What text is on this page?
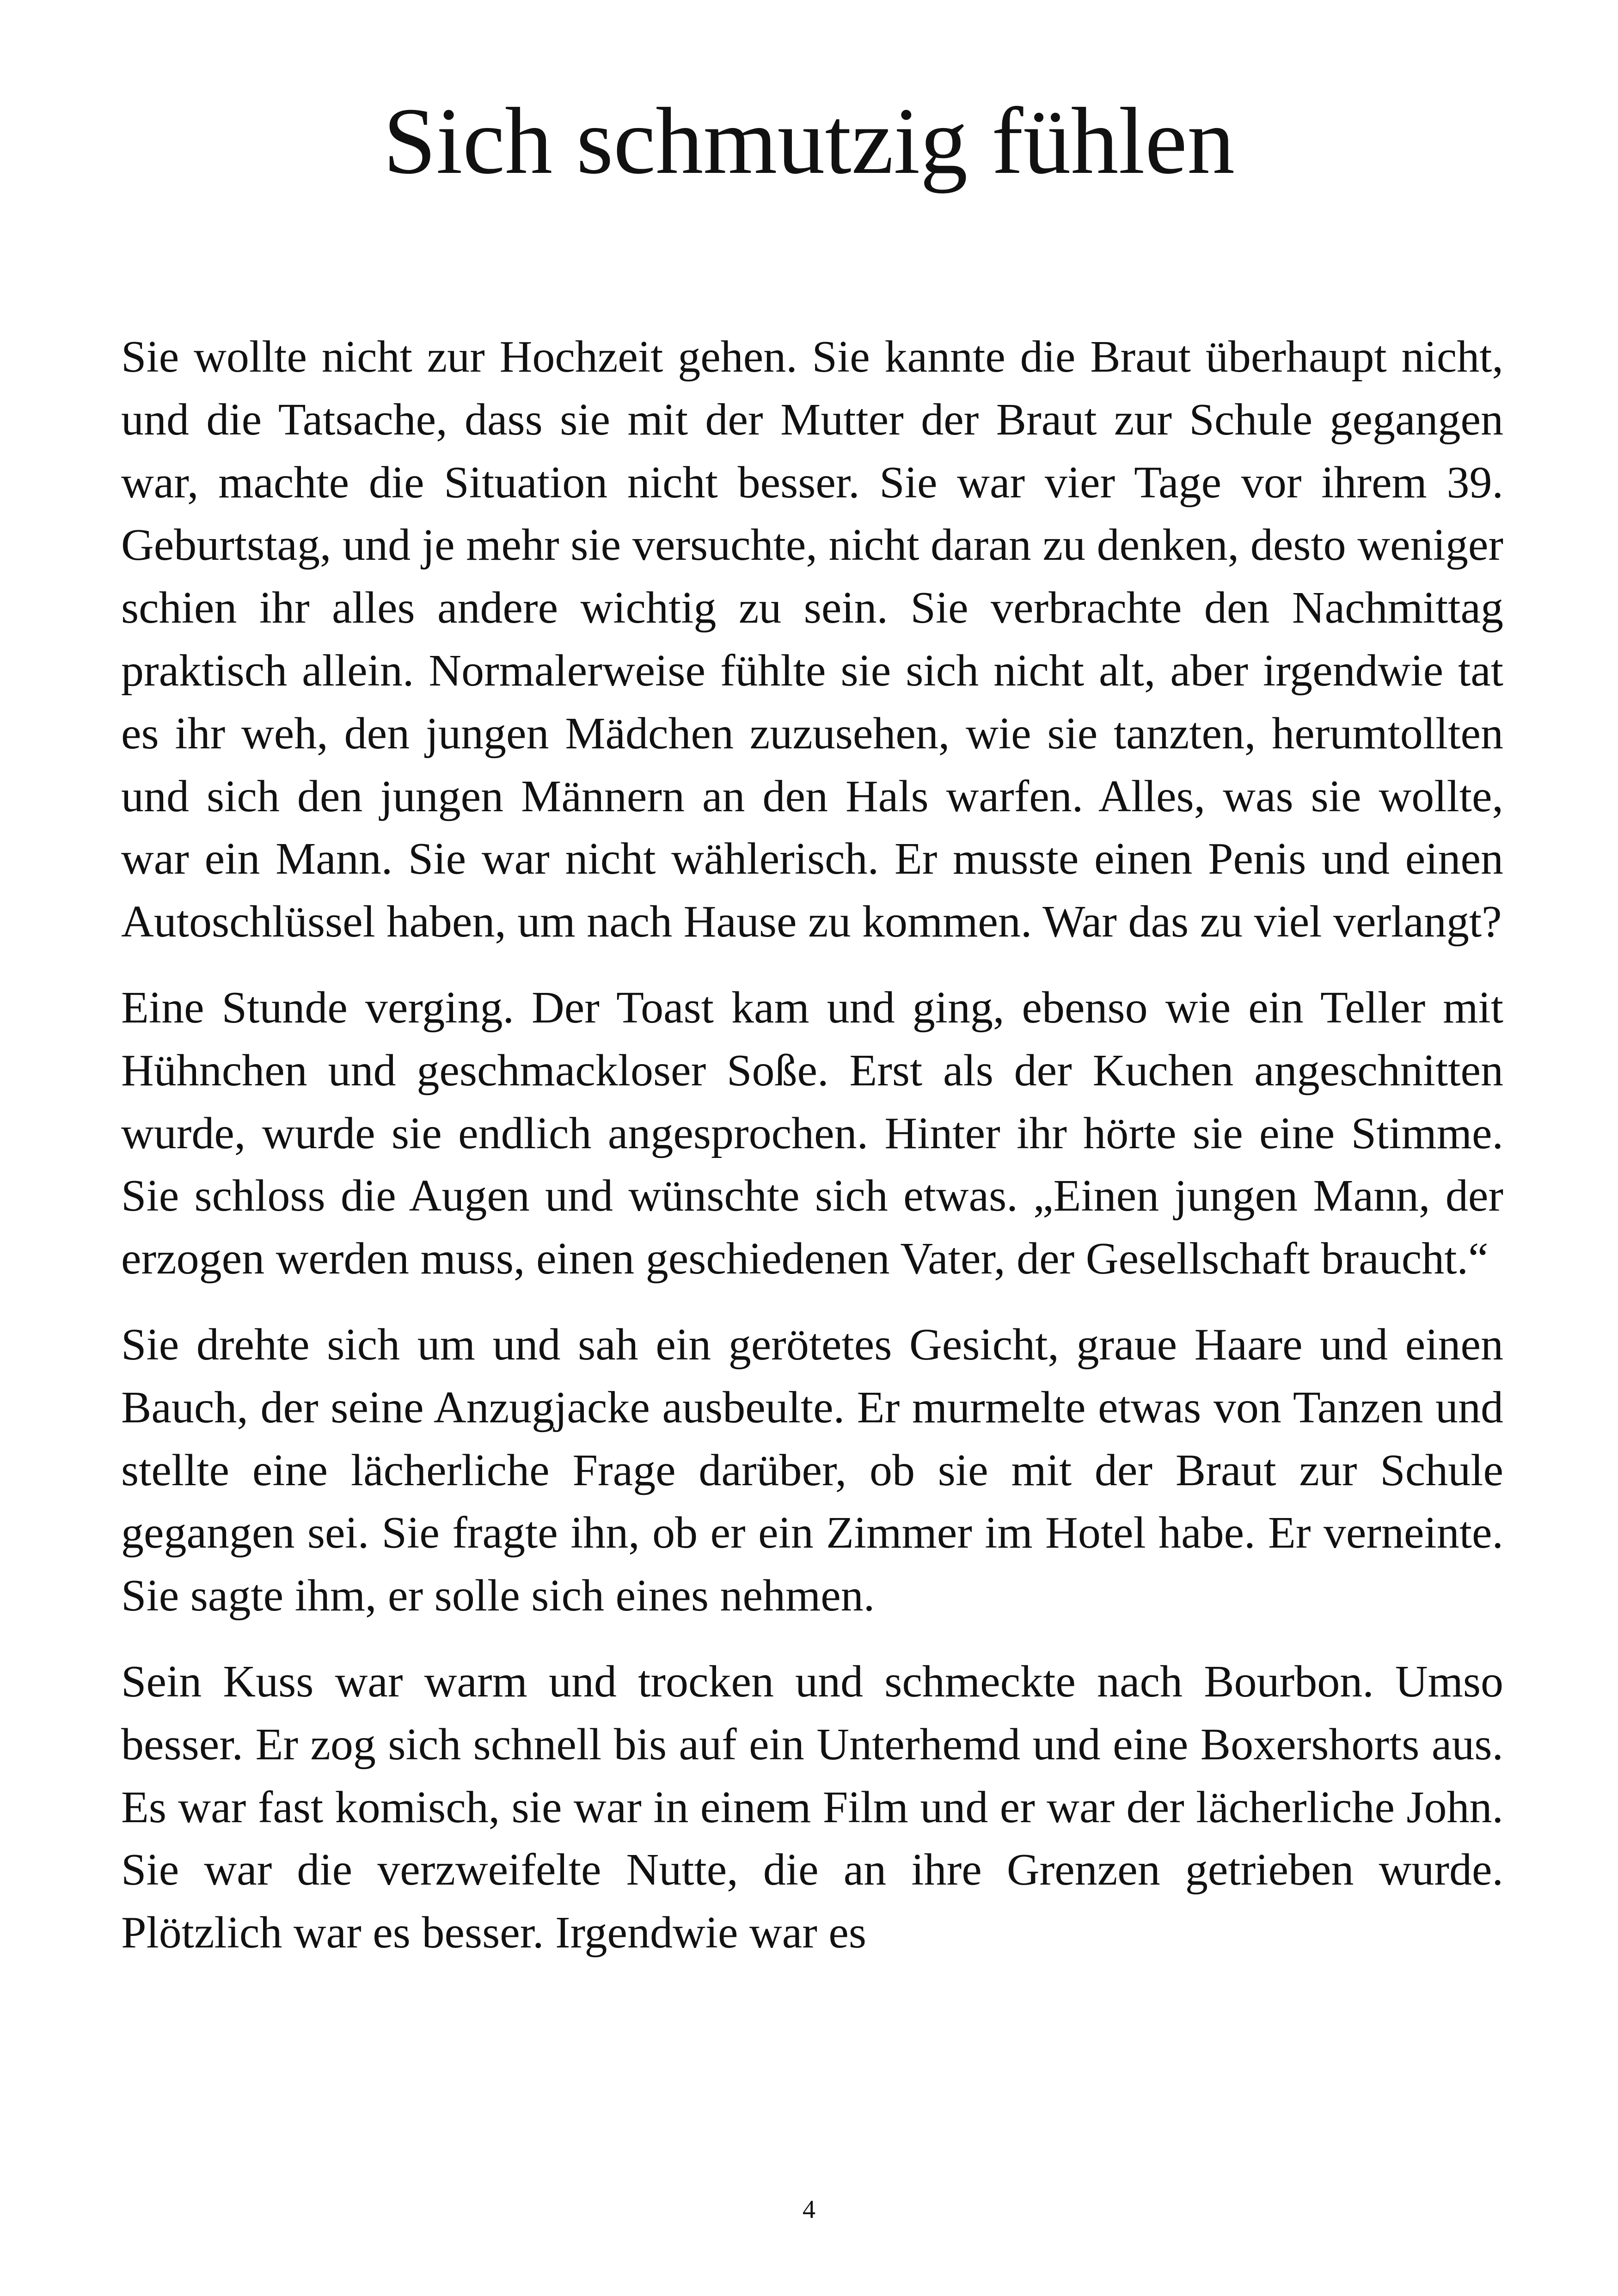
Sich schmutzig fühlen

Sie wollte nicht zur Hochzeit gehen. Sie kannte die Braut überhaupt nicht, und die Tatsache, dass sie mit der Mutter der Braut zur Schule gegangen war, machte die Situation nicht besser. Sie war vier Tage vor ihrem 39. Geburtstag, und je mehr sie versuchte, nicht daran zu denken, desto weniger schien ihr alles andere wichtig zu sein. Sie verbrachte den Nachmittag praktisch allein. Normalerweise fühlte sie sich nicht alt, aber irgendwie tat es ihr weh, den jungen Mädchen zuzusehen, wie sie tanzten, herumtollten und sich den jungen Männern an den Hals warfen. Alles, was sie wollte, war ein Mann. Sie war nicht wählerisch. Er musste einen Penis und einen Autoschlüssel haben, um nach Hause zu kommen. War das zu viel verlangt?

Eine Stunde verging. Der Toast kam und ging, ebenso wie ein Teller mit Hühnchen und geschmackloser Soße. Erst als der Kuchen angeschnitten wurde, wurde sie endlich angesprochen. Hinter ihr hörte sie eine Stimme. Sie schloss die Augen und wünschte sich etwas. „Einen jungen Mann, der erzogen werden muss, einen geschiedenen Vater, der Gesellschaft braucht.“

Sie drehte sich um und sah ein gerötetes Gesicht, graue Haare und einen Bauch, der seine Anzugjacke ausbeulte. Er murmelte etwas von Tanzen und stellte eine lächerliche Frage darüber, ob sie mit der Braut zur Schule gegangen sei. Sie fragte ihn, ob er ein Zimmer im Hotel habe. Er verneinte. Sie sagte ihm, er solle sich eines nehmen.

Sein Kuss war warm und trocken und schmeckte nach Bourbon. Umso besser. Er zog sich schnell bis auf ein Unterhemd und eine Boxershorts aus. Es war fast komisch, sie war in einem Film und er war der lächerliche John. Sie war die verzweifelte Nutte, die an ihre Grenzen getrieben wurde. Plötzlich war es besser. Irgendwie war es

4
